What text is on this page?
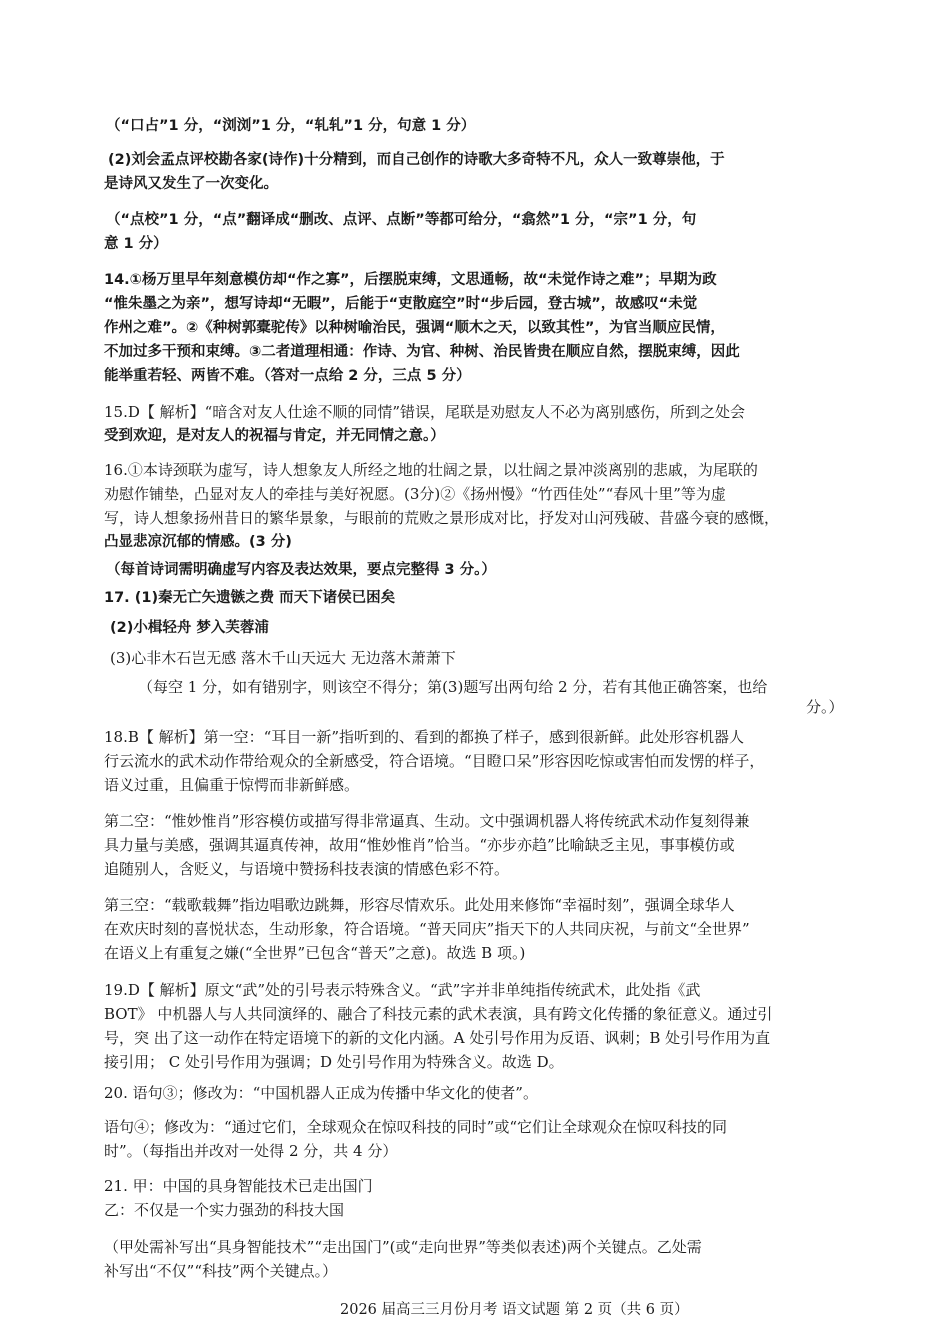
（“口占”1 分，“浏浏”1 分，“轧轧”1 分，句意 1 分）
(2)刘会孟点评校勘各家(诗作)十分精到，而自己创作的诗歌大多奇特不凡，众人一致尊崇他，于
是诗风又发生了一次变化。
（“点校”1 分，“点”翻译成“删改、点评、点断”等都可给分，“翕然”1 分，“宗”1 分，句
意 1 分）
14.①杨万里早年刻意模仿却“作之寡”，后摆脱束缚，文思通畅，故“未觉作诗之难”；早期为政
“惟朱墨之为亲”，想写诗却“无暇”，后能于“吏散庭空”时“步后园，登古城”，故感叹“未觉
作州之难”。②《种树郭橐驼传》以种树喻治民，强调“顺木之天，以致其性”，为官当顺应民情，
不加过多干预和束缚。③二者道理相通：作诗、为官、种树、治民皆贵在顺应自然，摆脱束缚，因此
能举重若轻、两皆不难。（答对一点给 2 分，三点 5 分）
15.D【 解析】“暗含对友人仕途不顺的同情”错误，尾联是劝慰友人不必为离别感伤，所到之处会
受到欢迎，是对友人的祝福与肯定，并无同情之意。）
16.①本诗颈联为虚写，诗人想象友人所经之地的壮阔之景，以壮阔之景冲淡离别的悲戚，为尾联的
劝慰作铺垫，凸显对友人的牵挂与美好祝愿。(3分)②《扬州慢》“竹西佳处”“春风十里”等为虚
写，诗人想象扬州昔日的繁华景象，与眼前的荒败之景形成对比，抒发对山河残破、昔盛今衰的感慨，
凸显悲凉沉郁的情感。(3 分)
（每首诗词需明确虚写内容及表达效果，要点完整得 3 分。）
17. (1)秦无亡矢遗镞之费 而天下诸侯已困矣
(2)小楫轻舟 梦入芙蓉浦
(3)心非木石岂无感 落木千山天远大 无边落木萧萧下
（每空 1 分，如有错别字，则该空不得分；第(3)题写出两句给 2 分，若有其他正确答案，也给
分。）
18.B【 解析】第一空：“耳目一新”指听到的、看到的都换了样子，感到很新鲜。此处形容机器人
行云流水的武术动作带给观众的全新感受，符合语境。“目瞪口呆”形容因吃惊或害怕而发愣的样子，
语义过重，且偏重于惊愕而非新鲜感。
第二空：“惟妙惟肖”形容模仿或描写得非常逼真、生动。文中强调机器人将传统武术动作复刻得兼
具力量与美感，强调其逼真传神，故用“惟妙惟肖”恰当。“亦步亦趋”比喻缺乏主见，事事模仿或
追随别人，含贬义，与语境中赞扬科技表演的情感色彩不符。
第三空：“载歌载舞”指边唱歌边跳舞，形容尽情欢乐。此处用来修饰“幸福时刻”，强调全球华人
在欢庆时刻的喜悦状态，生动形象，符合语境。“普天同庆”指天下的人共同庆祝，与前文“全世界”
在语义上有重复之嫌(“全世界”已包含“普天”之意)。故选 B 项。)
19.D【 解析】原文“武”处的引号表示特殊含义。“武”字并非单纯指传统武术，此处指《武
BOT》 中机器人与人共同演绎的、融合了科技元素的武术表演，具有跨文化传播的象征意义。通过引
号，突 出了这一动作在特定语境下的新的文化内涵。A 处引号作用为反语、讽刺；B 处引号作用为直
接引用； C 处引号作用为强调；D 处引号作用为特殊含义。故选 D。
20. 语句③；修改为：“中国机器人正成为传播中华文化的使者”。
语句④；修改为：“通过它们，全球观众在惊叹科技的同时”或“它们让全球观众在惊叹科技的同
时”。（每指出并改对一处得 2 分，共 4 分）
21. 甲：中国的具身智能技术已走出国门
乙：不仅是一个实力强劲的科技大国
（甲处需补写出“具身智能技术”“走出国门”(或“走向世界”等类似表述)两个关键点。乙处需
补写出“不仅”“科技”两个关键点。）
2026 届高三三月份月考 语文试题 第 2 页（共 6 页）
